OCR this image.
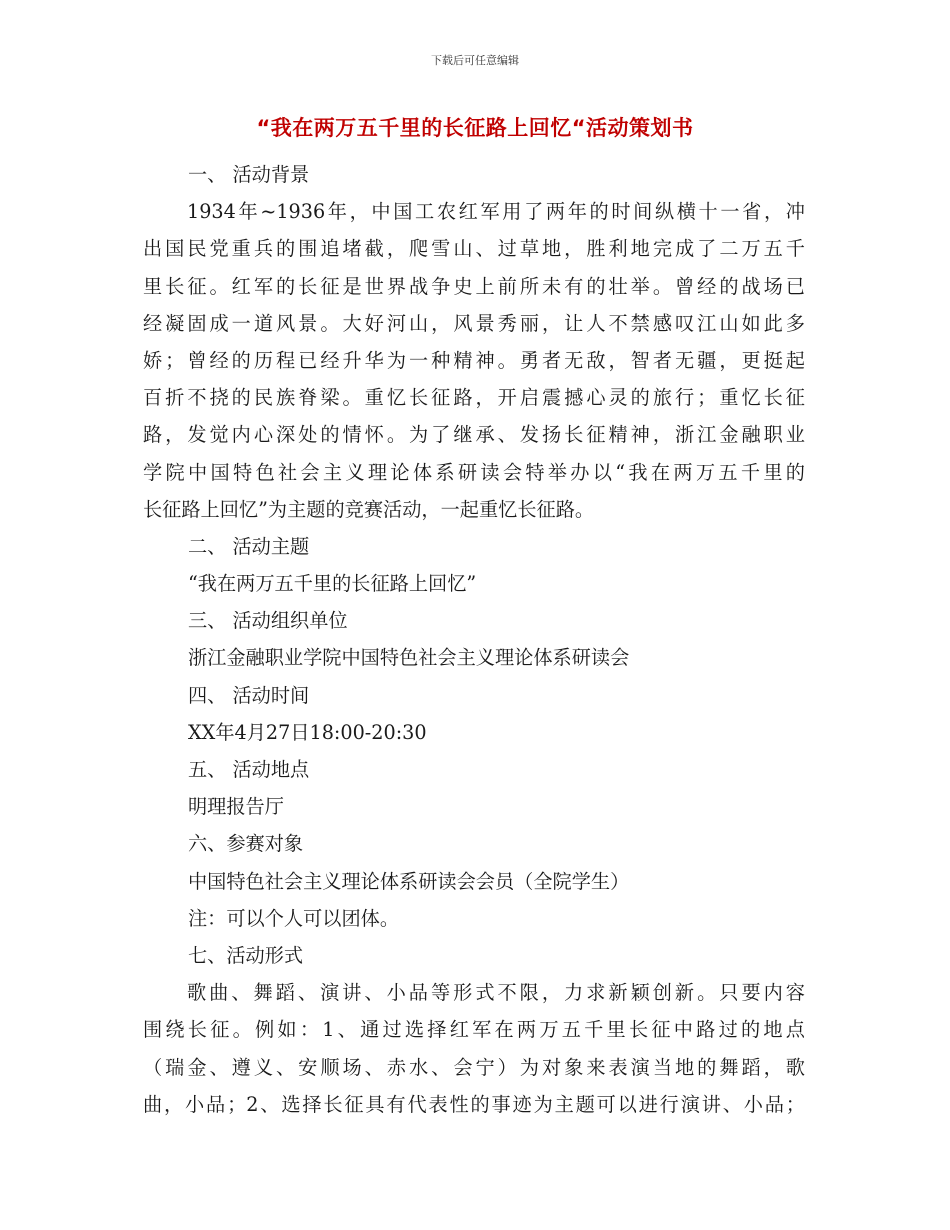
下载后可任意编辑
“我在两万五千里的长征路上回忆“活动策划书
一、 活动背景
1934年~1936年，中国工农红军用了两年的时间纵横十一省，冲
出国民党重兵的围追堵截，爬雪山、过草地，胜利地完成了二万五千
里长征。红军的长征是世界战争史上前所未有的壮举。曾经的战场已
经凝固成一道风景。大好河山，风景秀丽，让人不禁感叹江山如此多
娇；曾经的历程已经升华为一种精神。勇者无敌，智者无疆，更挺起
百折不挠的民族脊梁。重忆长征路，开启震撼心灵的旅行；重忆长征
路，发觉内心深处的情怀。为了继承、发扬长征精神，浙江金融职业
学院中国特色社会主义理论体系研读会特举办以“我在两万五千里的
长征路上回忆”为主题的竞赛活动，一起重忆长征路。
二、 活动主题
“我在两万五千里的长征路上回忆”
三、 活动组织单位
浙江金融职业学院中国特色社会主义理论体系研读会
四、 活动时间
XX年4月27日18:00-20:30
五、 活动地点
明理报告厅
六、参赛对象
中国特色社会主义理论体系研读会会员（全院学生）
注：可以个人可以团体。
七、活动形式
歌曲、舞蹈、演讲、小品等形式不限，力求新颖创新。只要内容
围绕长征。例如：1、通过选择红军在两万五千里长征中路过的地点
（瑞金、遵义、安顺场、赤水、会宁）为对象来表演当地的舞蹈，歌
曲，小品；2、选择长征具有代表性的事迹为主题可以进行演讲、小品；
